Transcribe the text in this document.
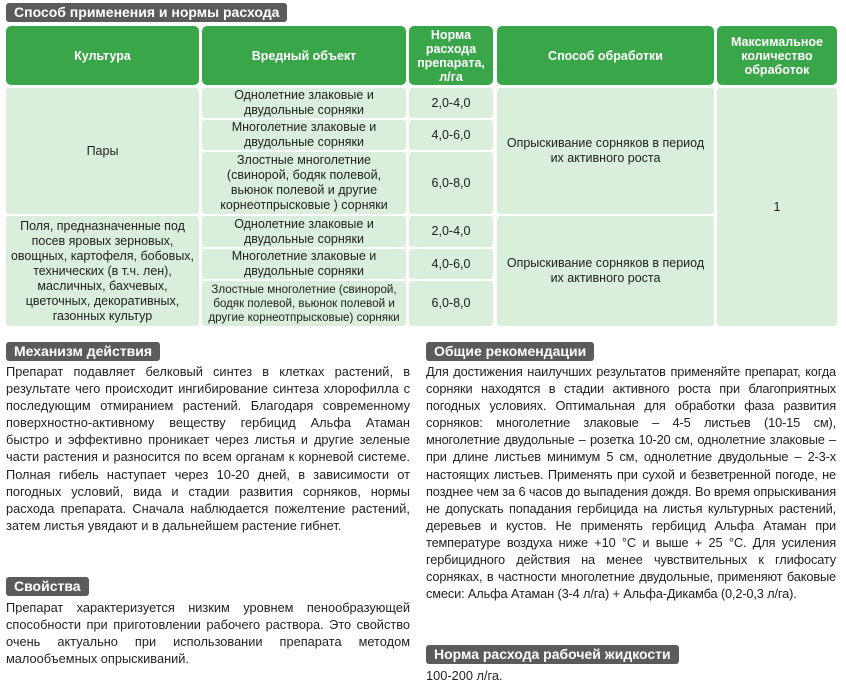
Способ применения и нормы расхода
Культура	Вредный объект
Норма расхода препарата, л/га
Способ обработки
Максимальное количество обработок
Пары
Однолетние злаковые и двудольные сорняки
2,0-4,0
Многолетние злаковые и двудольные сорняки
4,0-6,0
Злостные многолетние (свинорой, бодяк полевой, вьюнок полевой и другие корнеотпрысковые ) сорняки
6,0-8,0
Опрыскивание сорняков в период их активного роста
Поля, предназначенные под посев яровых зерновых, овощных, картофеля, бобовых, технических (в т.ч. лен), масличных, бахчевых, цветочных, декоративных, газонных культур
Однолетние злаковые и двудольные сорняки
2,0-4,0
Многолетние злаковые и двудольные сорняки
4,0-6,0
Злостные многолетние (свинорой, бодяк полевой, вьюнок полевой и другие корнеотпрысковые) сорняки
6,0-8,0
Опрыскивание сорняков в период их активного роста
1
Механизм действия
Препарат подавляет белковый синтез в клетках растений, в результате чего происходит ингибирование синтеза хлорофилла с последующим отмиранием растений. Благодаря современному поверхностно-активному веществу гербицид Альфа Атаман быстро и эффективно проникает через листья и другие зеленые части растения и разносится по всем органам к корневой системе. Полная гибель наступает через 10-20 дней, в зависимости от погодных условий, вида и стадии развития сорняков, нормы расхода препарата. Сначала наблюдается пожелтение растений, затем листья увядают и в дальнейшем растение гибнет.
Свойства
Препарат характеризуется низким уровнем пенообразующей способности при приготовлении рабочего раствора. Это свойство очень актуально при использовании препарата методом малообъемных опрыскиваний.
Общие рекомендации
Для достижения наилучших результатов применяйте препарат, когда сорняки находятся в стадии активного роста при благоприятных погодных условиях. Оптимальная для обработки фаза развития сорняков: многолетние злаковые – 4-5 листьев (10-15 см), многолетние двудольные – розетка 10-20 см, однолетние злаковые – при длине листьев минимум 5 см, однолетние двудольные – 2-3-х настоящих листьев. Применять при сухой и безветренной погоде, не позднее чем за 6 часов до выпадения дождя. Во время опрыскивания не допускать попадания гербицида на листья культурных растений, деревьев и кустов. Не применять гербицид Альфа Атаман при температуре воздуха ниже +10 °С и выше + 25 °С. Для усиления гербицидного действия на менее чувствительных к глифосату сорняках, в частности многолетние двудольные, применяют баковые смеси: Альфа Атаман (3-4 л/га) + Альфа-Дикамба (0,2-0,3 л/га).
Норма расхода рабочей жидкости
100-200 л/га.
